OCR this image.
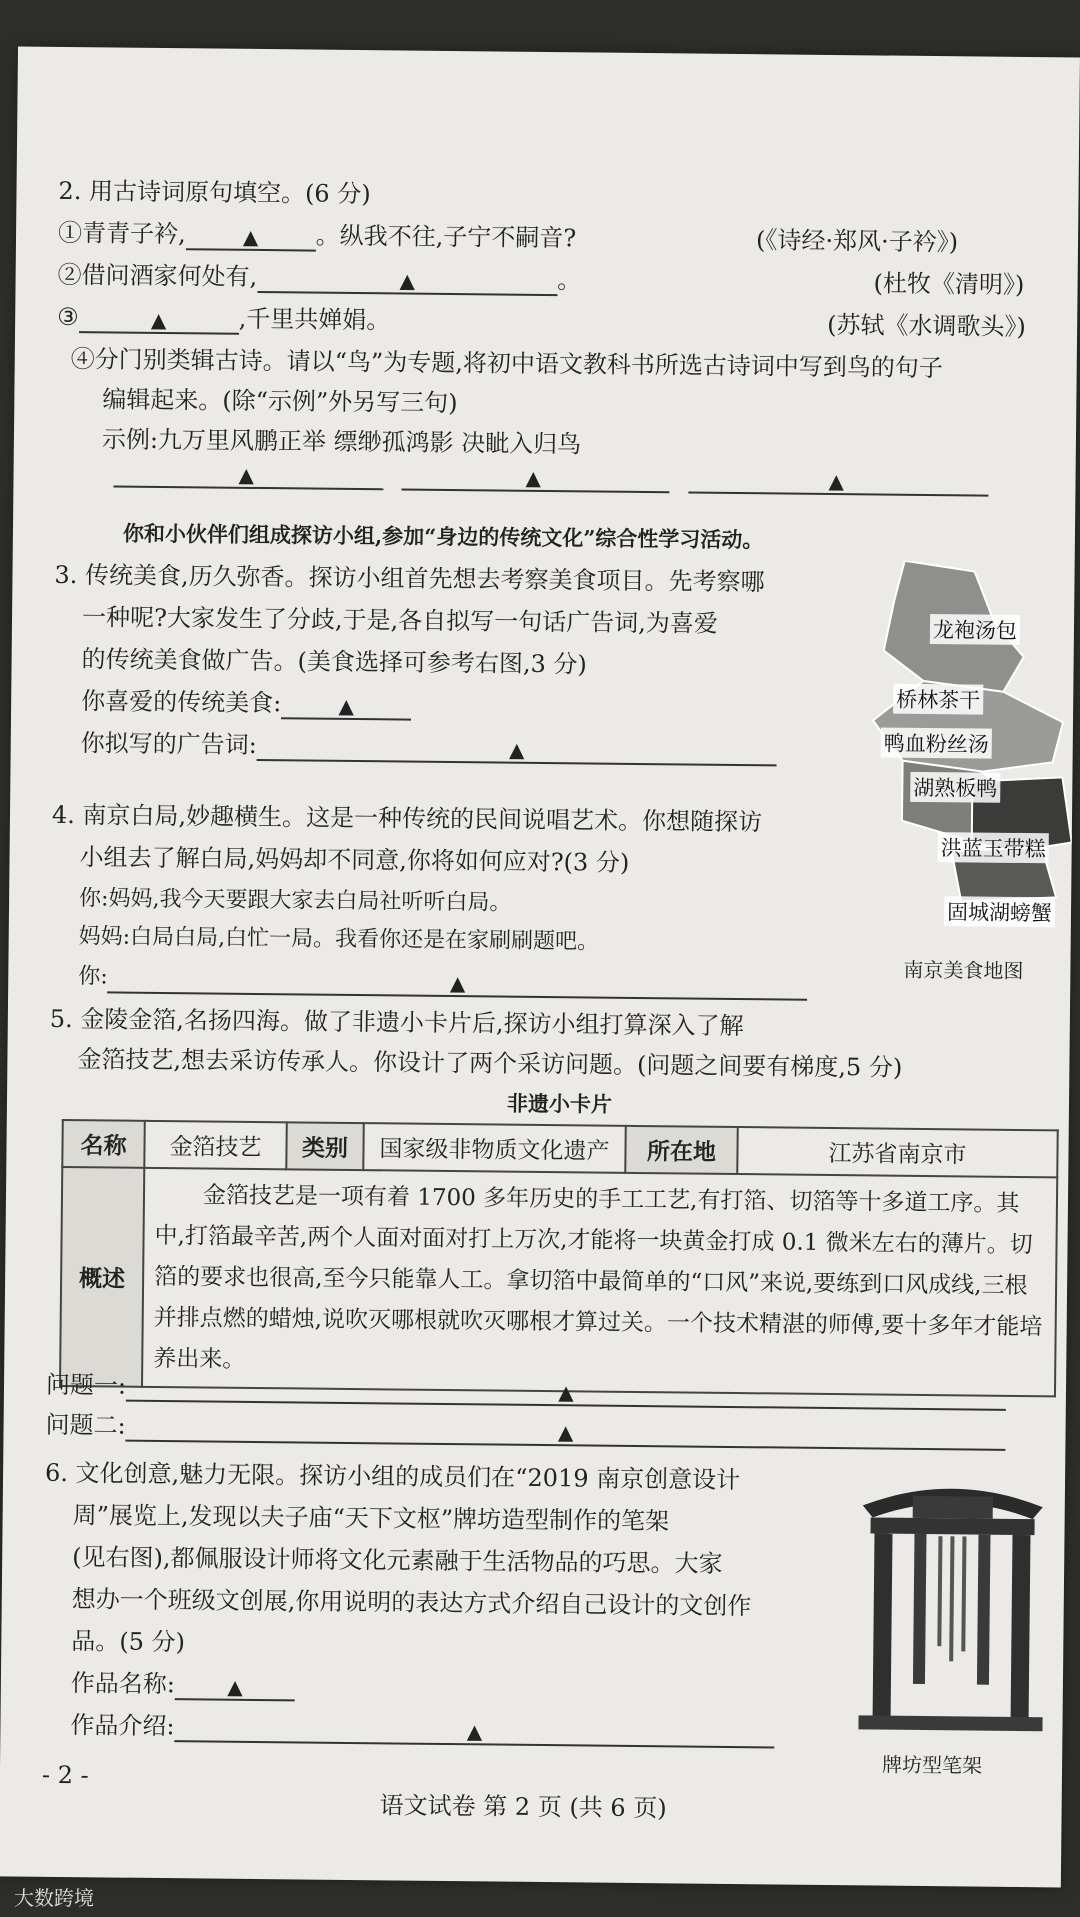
2. 用古诗词原句填空。(6 分)
①青青子衿,	▲ 。纵我不往,子宁不嗣音?	(《诗经·郑风·子衿》)
②借问酒家何处有,	▲	。	(杜牧《清明》)
③	▲	,千里共婵娟。	(苏轼《水调歌头》)
④分门别类辑古诗。请以“鸟”为专题,将初中语文教科书所选古诗词中写到鸟的句子
编辑起来。(除“示例”外另写三句)
示例:九万里风鹏正举 缥缈孤鸿影 决眦入归鸟
▲	▲	▲
你和小伙伴们组成探访小组,参加“身边的传统文化”综合性学习活动。
3. 传统美食,历久弥香。探访小组首先想去考察美食项目。先考察哪
一种呢?大家发生了分歧,于是,各自拟写一句话广告词,为喜爱
的传统美食做广告。(美食选择可参考右图,3 分)
你喜爱的传统美食:	▲
你拟写的广告词:	▲
龙袍汤包
桥林茶干
鸭血粉丝汤
湖熟板鸭
洪蓝玉带糕
固城湖螃蟹
南京美食地图
4. 南京白局,妙趣横生。这是一种传统的民间说唱艺术。你想随探访
小组去了解白局,妈妈却不同意,你将如何应对?(3 分)
你:妈妈,我今天要跟大家去白局社听听白局。
妈妈:白局白局,白忙一局。我看你还是在家刷刷题吧。
你:	▲
5. 金陵金箔,名扬四海。做了非遗小卡片后,探访小组打算深入了解
金箔技艺,想去采访传承人。你设计了两个采访问题。(问题之间要有梯度,5 分)
非遗小卡片
名称	金箔技艺	类别	国家级非物质文化遗产	所在地	江苏省南京市
概述	金箔技艺是一项有着 1700 多年历史的手工工艺,有打箔、切箔等十多道工序。其中,打箔最辛苦,两个人面对面对打上万次,才能将一块黄金打成 0.1 微米左右的薄片。切箔的要求也很高,至今只能靠人工。拿切箔中最简单的“口风”来说,要练到口风成线,三根并排点燃的蜡烛,说吹灭哪根就吹灭哪根才算过关。一个技术精湛的师傅,要十多年才能培养出来。				
问题一:	▲
问题二:	▲
6. 文化创意,魅力无限。探访小组的成员们在“2019 南京创意设计
周”展览上,发现以夫子庙“天下文枢”牌坊造型制作的笔架
(见右图),都佩服设计师将文化元素融于生活物品的巧思。大家
想办一个班级文创展,你用说明的表达方式介绍自己设计的文创作
品。(5 分)
作品名称:	▲
作品介绍:	▲
牌坊型笔架
- 2 -
语文试卷 第 2 页 (共 6 页)
大数跨境
